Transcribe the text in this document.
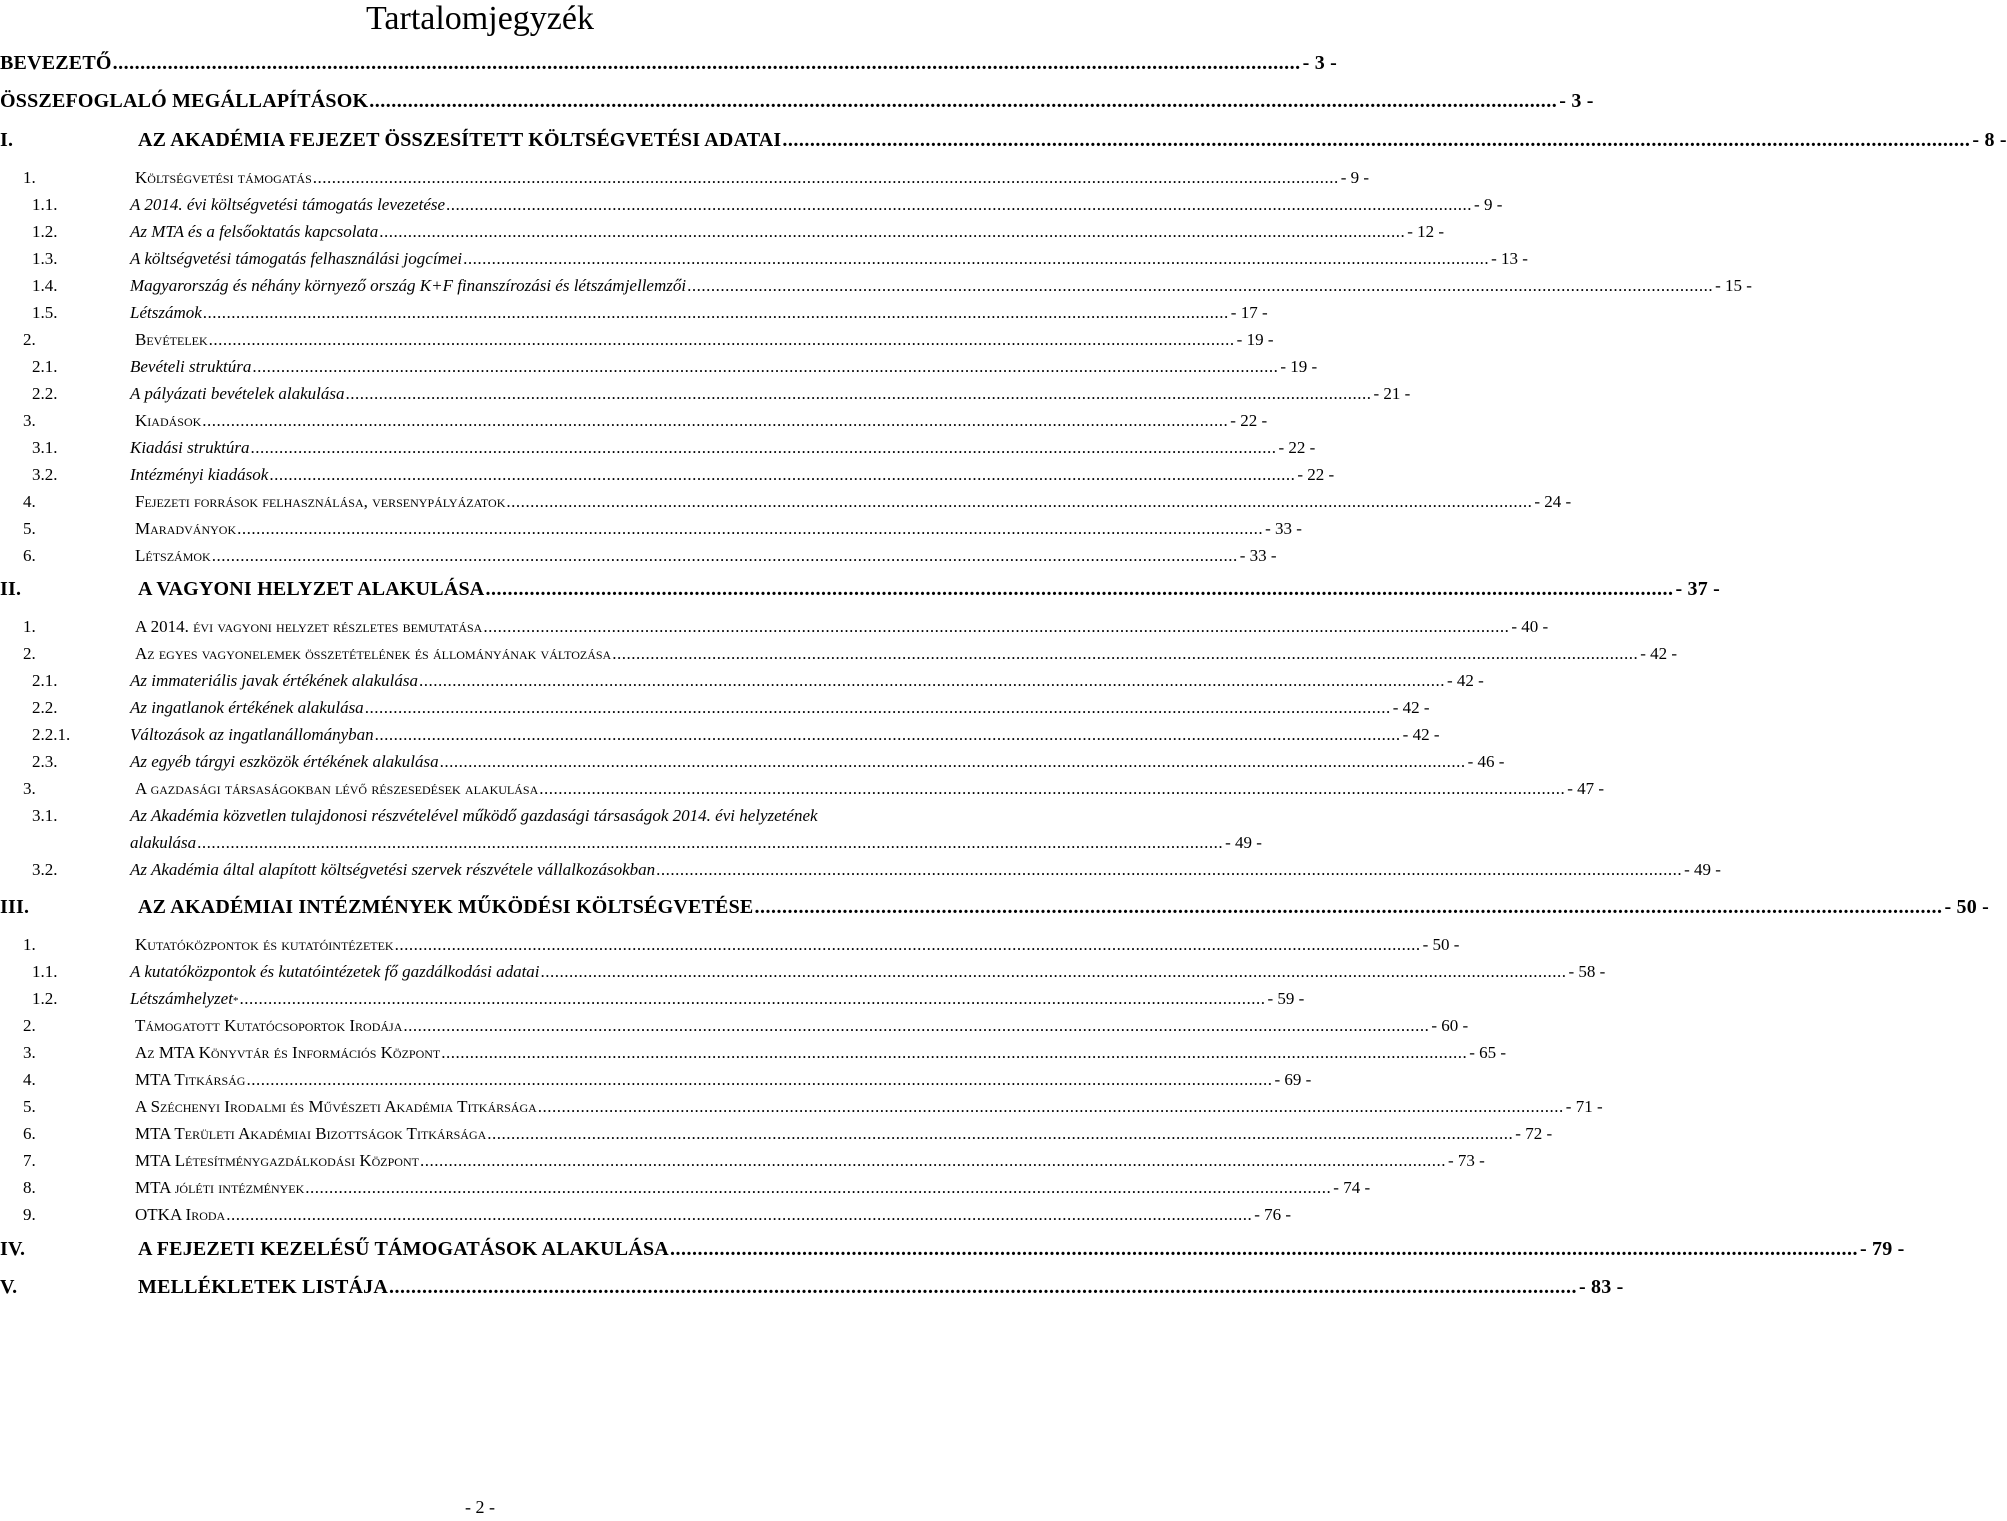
Tartalomjegyzék
BEVEZETŐ .....	- 3 -
ÖSSZEFOGLALÓ MEGÁLLAPÍTÁSOK .....	- 3 -
I.	AZ AKADÉMIA FEJEZET ÖSSZESÍTETT KÖLTSÉGVETÉSI ADATAI .....	- 8 -
1.	Költségvetési támogatás .....	- 9 -
1.1.	A 2014. évi költségvetési támogatás levezetése .....	- 9 -
1.2.	Az MTA és a felsőoktatás kapcsolata .....	- 12 -
1.3.	A költségvetési támogatás felhasználási jogcímei .....	- 13 -
1.4.	Magyarország és néhány környező ország K+F finanszírozási és létszámjellemzői .....	- 15 -
1.5.	Létszámok .....	- 17 -
2.	Bevételek .....	- 19 -
2.1.	Bevételi struktúra .....	- 19 -
2.2.	A pályázati bevételek alakulása .....	- 21 -
3.	Kiadások .....	- 22 -
3.1.	Kiadási struktúra .....	- 22 -
3.2.	Intézményi kiadások .....	- 22 -
4.	Fejezeti források felhasználása, versenypályázatok .....	- 24 -
5.	Maradványok .....	- 33 -
6.	Létszámok .....	- 33 -
II.	A VAGYONI HELYZET ALAKULÁSA .....	- 37 -
1.	A 2014. évi vagyoni helyzet részletes bemutatása .....	- 40 -
2.	Az egyes vagyonelemek összetételének és állományának változása .....	- 42 -
2.1.	Az immateriális javak értékének alakulása .....	- 42 -
2.2.	Az ingatlanok értékének alakulása .....	- 42 -
2.2.1.	Változások az ingatlanállományban .....	- 42 -
2.3.	Az egyéb tárgyi eszközök értékének alakulása .....	- 46 -
3.	A gazdasági társaságokban lévő részesedések alakulása .....	- 47 -
3.1.	Az Akadémia közvetlen tulajdonosi részvételével működő gazdasági társaságok 2014. évi helyzetének
alakulása .....	- 49 -
3.2.	Az Akadémia által alapított költségvetési szervek részvétele vállalkozásokban .....	- 49 -
III.	AZ AKADÉMIAI INTÉZMÉNYEK MŰKÖDÉSI KÖLTSÉGVETÉSE .....	- 50 -
1.	Kutatóközpontok és kutatóintézetek .....	- 50 -
1.1.	A kutatóközpontok és kutatóintézetek fő gazdálkodási adatai .....	- 58 -
1.2.	Létszámhelyzet * .....	- 59 -
2.	Támogatott Kutatócsoportok Irodája .....	- 60 -
3.	Az MTA Könyvtár és Információs Központ .....	- 65 -
4.	MTA Titkárság .....	- 69 -
5.	A Széchenyi Irodalmi és Művészeti Akadémia Titkársága .....	- 71 -
6.	MTA Területi Akadémiai Bizottságok Titkársága .....	- 72 -
7.	MTA Létesítménygazdálkodási Központ .....	- 73 -
8.	MTA jóléti intézmények .....	- 74 -
9.	OTKA Iroda .....	- 76 -
IV.	A FEJEZETI KEZELÉSŰ TÁMOGATÁSOK ALAKULÁSA .....	- 79 -
V.	MELLÉKLETEK LISTÁJA .....	- 83 -
- 2 -
